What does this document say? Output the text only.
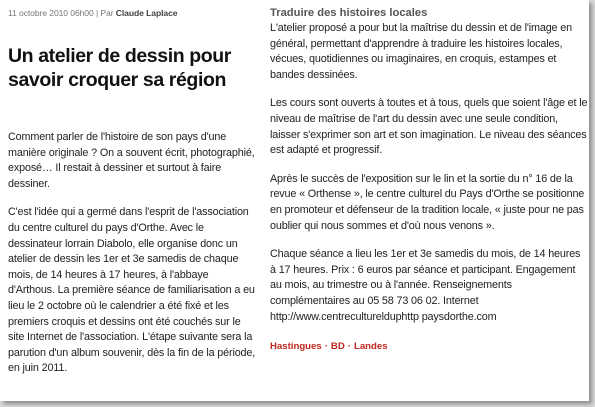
11 octobre 2010 06h00 | Par Claude Laplace
Un atelier de dessin pour savoir croquer sa région

Comment parler de l'histoire de son pays d'une manière originale ? On a souvent écrit, photographié, exposé… Il restait à dessiner et surtout à faire dessiner.

C'est l'idée qui a germé dans l'esprit de l'association du centre culturel du pays d'Orthe. Avec le dessinateur lorrain Diabolo, elle organise donc un atelier de dessin les 1er et 3e samedis de chaque mois, de 14 heures à 17 heures, à l'abbaye d'Arthous. La première séance de familiarisation a eu lieu le 2 octobre où le calendrier a été fixé et les premiers croquis et dessins ont été couchés sur le site Internet de l'association. L'étape suivante sera la parution d'un album souvenir, dès la fin de la période, en juin 2011.

Traduire des histoires locales

L'atelier proposé a pour but la maîtrise du dessin et de l'image en général, permettant d'apprendre à traduire les histoires locales, vécues, quotidiennes ou imaginaires, en croquis, estampes et bandes dessinées.

Les cours sont ouverts à toutes et à tous, quels que soient l'âge et le niveau de maîtrise de l'art du dessin avec une seule condition, laisser s'exprimer son art et son imagination. Le niveau des séances est adapté et progressif.

Après le succès de l'exposition sur le lin et la sortie du n° 16 de la revue « Orthense », le centre culturel du Pays d'Orthe se positionne en promoteur et défenseur de la tradition locale, « juste pour ne pas oublier qui nous sommes et d'où nous venons ».

Chaque séance a lieu les 1er et 3e samedis du mois, de 14 heures à 17 heures. Prix : 6 euros par séance et participant. Engagement au mois, au trimestre ou à l'année. Renseignements complémentaires au 05 58 73 06 02. Internet http://www.centreculturelduphttp paysdorthe.com

Hastingues · BD · Landes
